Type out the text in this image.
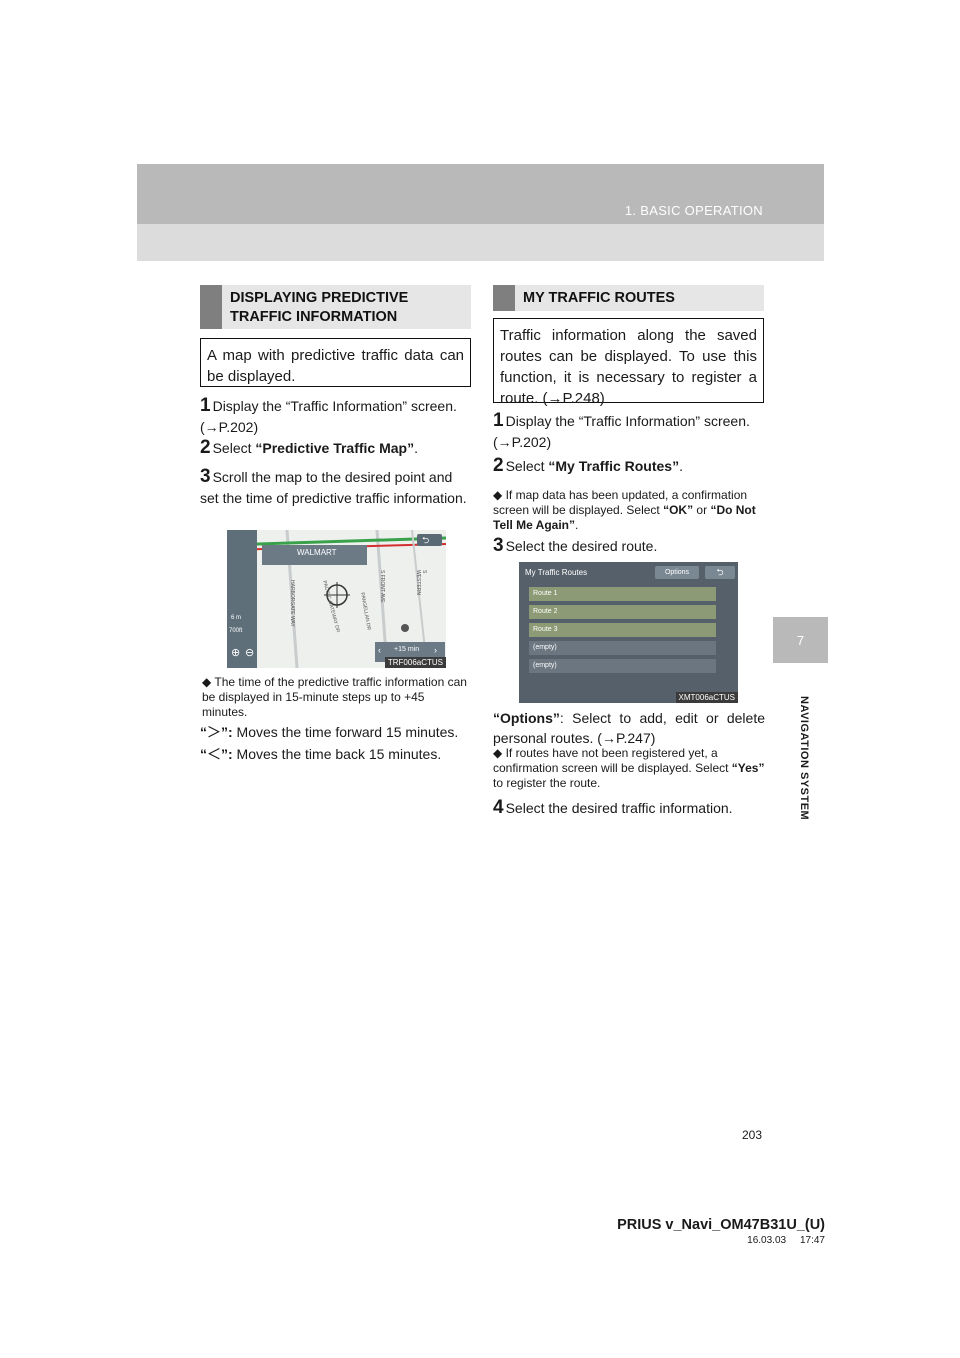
1. BASIC OPERATION
7
NAVIGATION SYSTEM
DISPLAYING PREDICTIVE
TRAFFIC INFORMATION
A map with predictive traffic data can be displayed.
1 Display the “Traffic Information” screen. (→P.202)
2 Select “Predictive Traffic Map”.
3 Scroll the map to the desired point and set the time of predictive traffic information.
WALMART
⮌
‹ +15 min ›
700ft
6 m
⊕ ⊖
HARBORGATE WAY	PACIFIC GATEWAY DR	PANGELLAN DR
S FRONT AVE	S WESTERN
TRF006aCTUS
◆ The time of the predictive traffic information can be displayed in 15-minute steps up to +45 minutes.
“＞”: Moves the time forward 15 minutes.
“＜”: Moves the time back 15 minutes.
MY TRAFFIC ROUTES
Traffic information along the saved routes can be displayed. To use this function, it is necessary to register a route. (→P.248)
1 Display the “Traffic Information” screen. (→P.202)
2 Select “My Traffic Routes”.
◆ If map data has been updated, a confirmation screen will be displayed. Select “OK” or “Do Not Tell Me Again”.
3 Select the desired route.
My Traffic Routes	Options	⮌
Route 1
Route 2
Route 3
(empty)
(empty)
XMT006aCTUS
“Options”: Select to add, edit or delete personal routes. (→P.247)
◆ If routes have not been registered yet, a confirmation screen will be displayed. Select “Yes” to register the route.
4 Select the desired traffic information.
203
PRIUS v_Navi_OM47B31U_(U)
16.03.03     17:47
